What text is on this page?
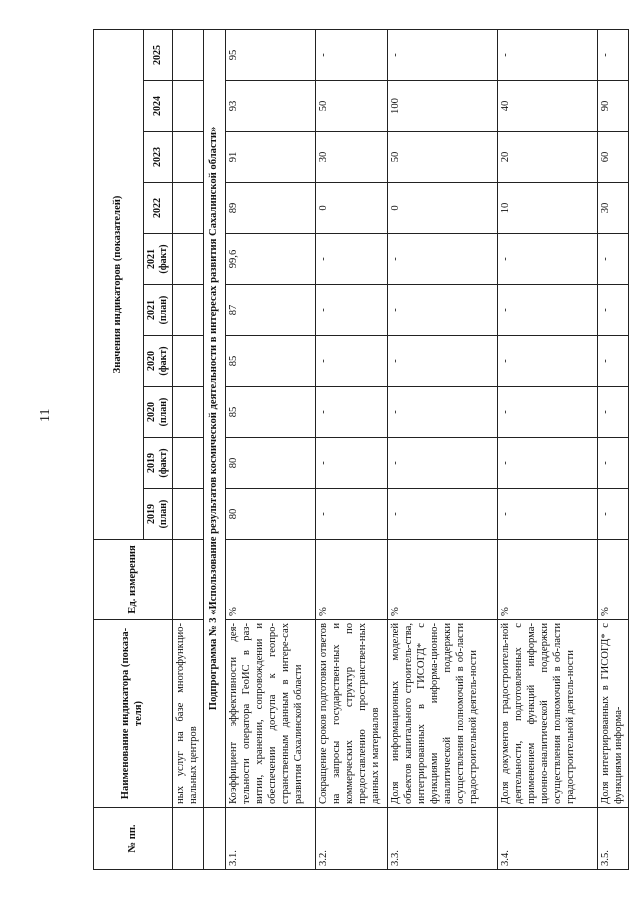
11
№ пп.	Наименование индикатора (показа-теля)	Ед. измерения	Значения индикаторов (показателей)									
			2019 (план)	2019 (факт)	2020 (план)	2020 (факт)	2021 (план)	2021 (факт)	2022	2023	2024	2025
	ных услуг на базе многофункцио-нальных центров											
	Подпрограмма № 3 «Использование результатов космической деятельности в интересах развития Сахалинской области»											
3.1.	Коэффициент эффективности дея-тельности оператора ГеоИС в раз-витии, хранении, сопровождении и обеспечении доступа к геопро-странственным данным в интере-сах развития Сахалинской области	%	80	80	85	85	87	99,6	89	91	93	95
3.2.	Сокращение сроков подготовки ответов на запросы государствен-ных и коммерческих структур по предоставлению пространствен-ных данных и материалов	%	-	-	-	-	-	-	0	30	50	-
3.3.	Доля информационных моделей объектов капитального строитель-ства, интегрированных в ГИСОГД* с функциями информа-ционно-аналитической поддержки осуществления полномочий в об-ласти градостроительной деятель-ности	%	-	-	-	-	-	-	0	50	100	-
3.4.	Доля документов градостроитель-ной деятельности, подготовленных с применением функций информа-ционно-аналитической поддержки осуществления полномочий в об-ласти градостроительной деятель-ности	%	-	-	-	-	-	-	10	20	40	-
3.5.	Доля интегрированных в ГИСОГД* с функциями информа-	%	-	-	-	-	-	-	30	60	90	-
